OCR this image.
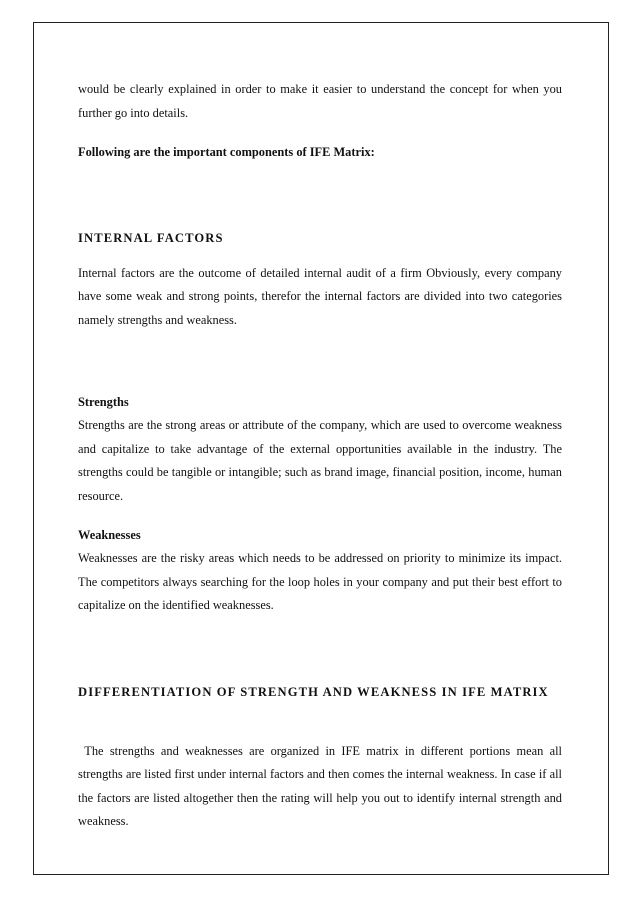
would be clearly explained in order to make it easier to understand the concept for when you further go into details.

Following are the important components of IFE Matrix:

INTERNAL FACTORS

Internal factors are the outcome of detailed internal audit of a firm Obviously, every company have some weak and strong points, therefor the internal factors are divided into two categories namely strengths and weakness.

Strengths

Strengths are the strong areas or attribute of the company, which are used to overcome weakness and capitalize to take advantage of the external opportunities available in the industry. The strengths could be tangible or intangible; such as brand image, financial position, income, human resource.

Weaknesses

Weaknesses are the risky areas which needs to be addressed on priority to minimize its impact. The competitors always searching for the loop holes in your company and put their best effort to capitalize on the identified weaknesses.

DIFFERENTIATION OF STRENGTH AND WEAKNESS IN IFE MATRIX

The strengths and weaknesses are organized in IFE matrix in different portions mean all strengths are listed first under internal factors and then comes the internal weakness. In case if all the factors are listed altogether then the rating will help you out to identify internal strength and weakness.
